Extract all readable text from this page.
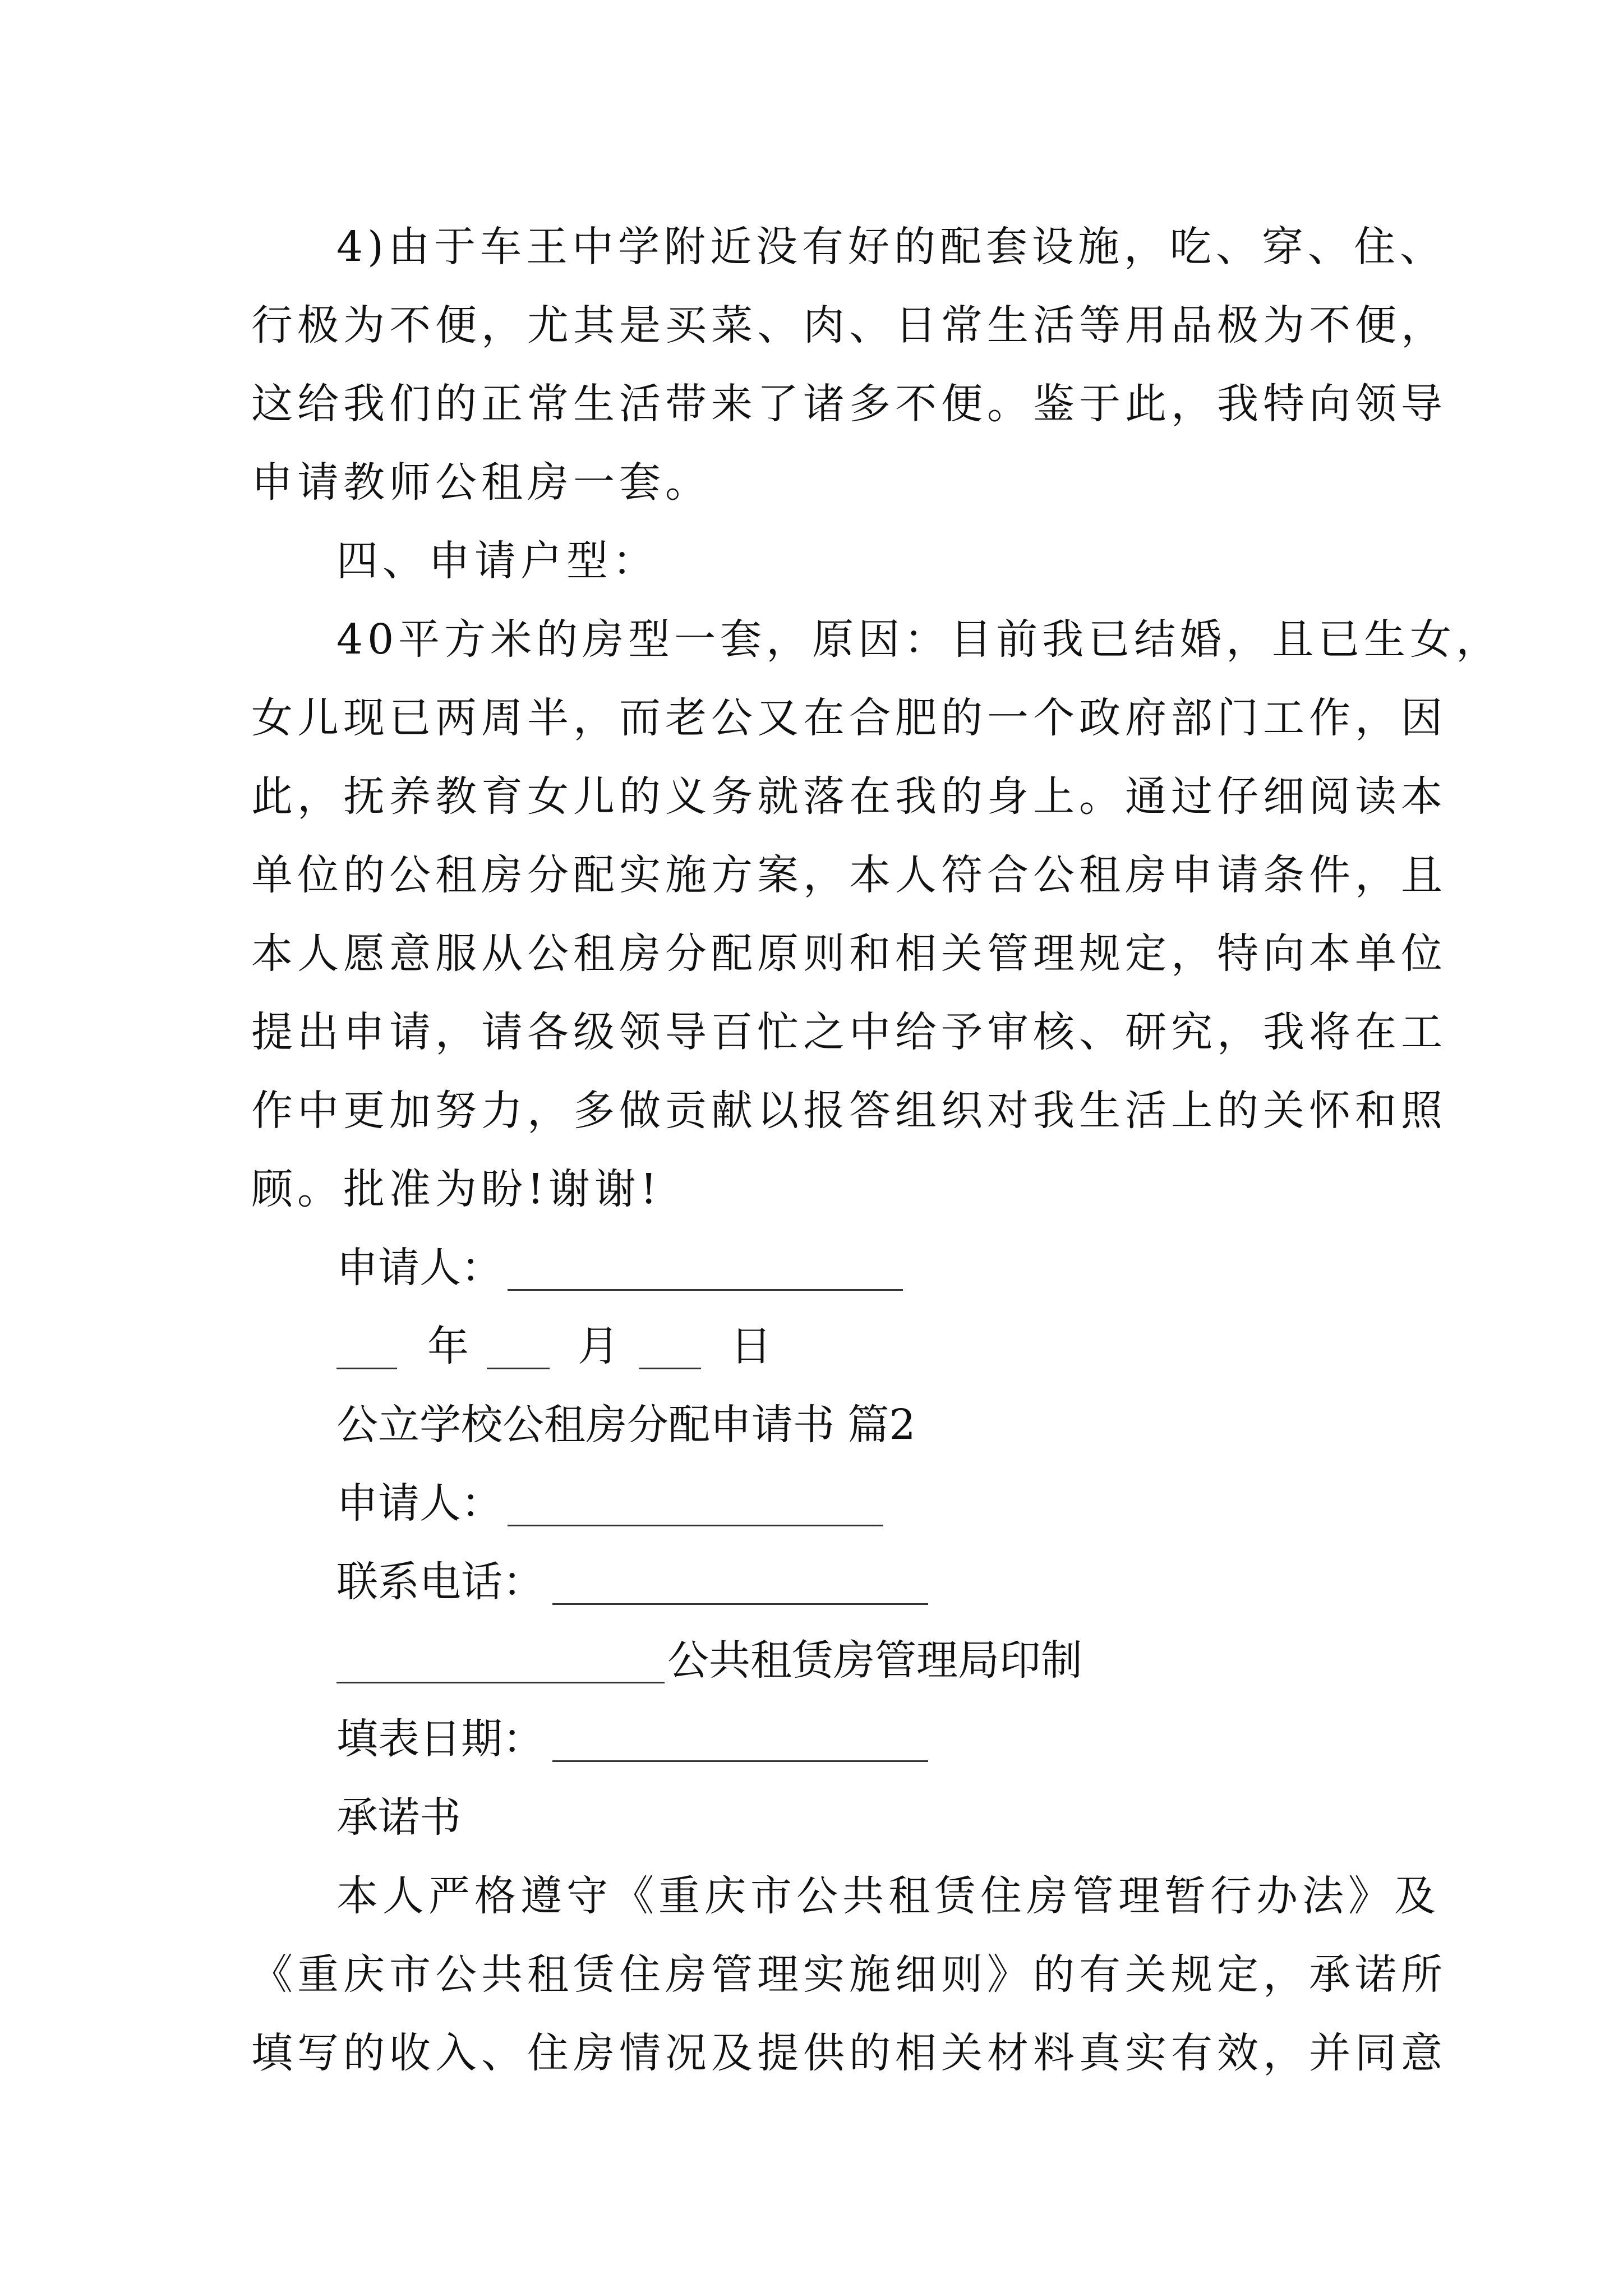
4)由于车王中学附近没有好的配套设施，吃、穿、住、
行极为不便，尤其是买菜、肉、日常生活等用品极为不便，
这给我们的正常生活带来了诸多不便。鉴于此，我特向领导
申请教师公租房一套。
四、申请户型：
40平方米的房型一套，原因：目前我已结婚，且已生女，
女儿现已两周半，而老公又在合肥的一个政府部门工作，因
此，抚养教育女儿的义务就落在我的身上。通过仔细阅读本
单位的公租房分配实施方案，本人符合公租房申请条件，且
本人愿意服从公租房分配原则和相关管理规定，特向本单位
提出申请，请各级领导百忙之中给予审核、研究，我将在工
作中更加努力，多做贡献以报答组织对我生活上的关怀和照
顾。批准为盼!谢谢!
申请人：
年	月	日
公立学校公租房分配申请书 篇2
申请人：
联系电话：
公共租赁房管理局印制
填表日期：
承诺书
本人严格遵守《重庆市公共租赁住房管理暂行办法》及
《重庆市公共租赁住房管理实施细则》的有关规定，承诺所
填写的收入、住房情况及提供的相关材料真实有效，并同意
